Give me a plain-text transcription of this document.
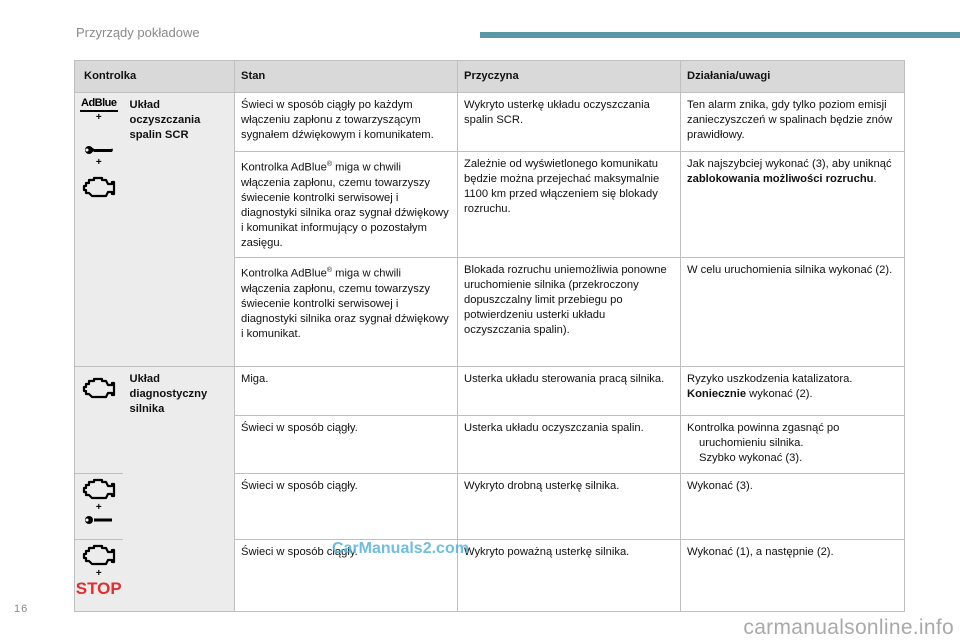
Przyrządy pokładowe
Kontrolka		Stan	Przyczyna	Działania/uwagi

AdBlue
+
+	Układ oczyszczania spalin SCR	Świeci w sposób ciągły po każdym włączeniu zapłonu z towarzyszącym sygnałem dźwiękowym i komunikatem.	Wykryto usterkę układu oczyszczania spalin SCR.	Ten alarm znika, gdy tylko poziom emisji zanieczyszczeń w spalinach będzie znów prawidłowy.
		Kontrolka AdBlue® miga w chwili włączenia zapłonu, czemu towarzyszy świecenie kontrolki serwisowej i diagnostyki silnika oraz sygnał dźwiękowy i komunikat informujący o pozostałym zasięgu.	Zależnie od wyświetlonego komunikatu będzie można przejechać maksymalnie 1100 km przed włączeniem się blokady rozruchu.	Jak najszybciej wykonać (3), aby uniknąć zablokowania możliwości rozruchu.
		Kontrolka AdBlue® miga w chwili włączenia zapłonu, czemu towarzyszy świecenie kontrolki serwisowej i diagnostyki silnika oraz sygnał dźwiękowy i komunikat.	Blokada rozruchu uniemożliwia ponowne uruchomienie silnika (przekroczony dopuszczalny limit przebiegu po potwierdzeniu usterki układu oczyszczania spalin).	W celu uruchomienia silnika wykonać (2).

	Układ diagnostyczny silnika	Miga.	Usterka układu sterowania pracą silnika.	Ryzyko uszkodzenia katalizatora. Koniecznie wykonać (2).
		Świeci w sposób ciągły.	Usterka układu oczyszczania spalin.	Kontrolka powinna zgasnąć po
uruchomieniu silnika.
Szybko wykonać (3).

+		Świeci w sposób ciągły.	Wykryto drobną usterkę silnika.	Wykonać (3).

+
STOP		Świeci w sposób ciągły.	Wykryto poważną usterkę silnika.	Wykonać (1), a następnie (2).
CarManuals2.com
16
carmanualsonline.info
